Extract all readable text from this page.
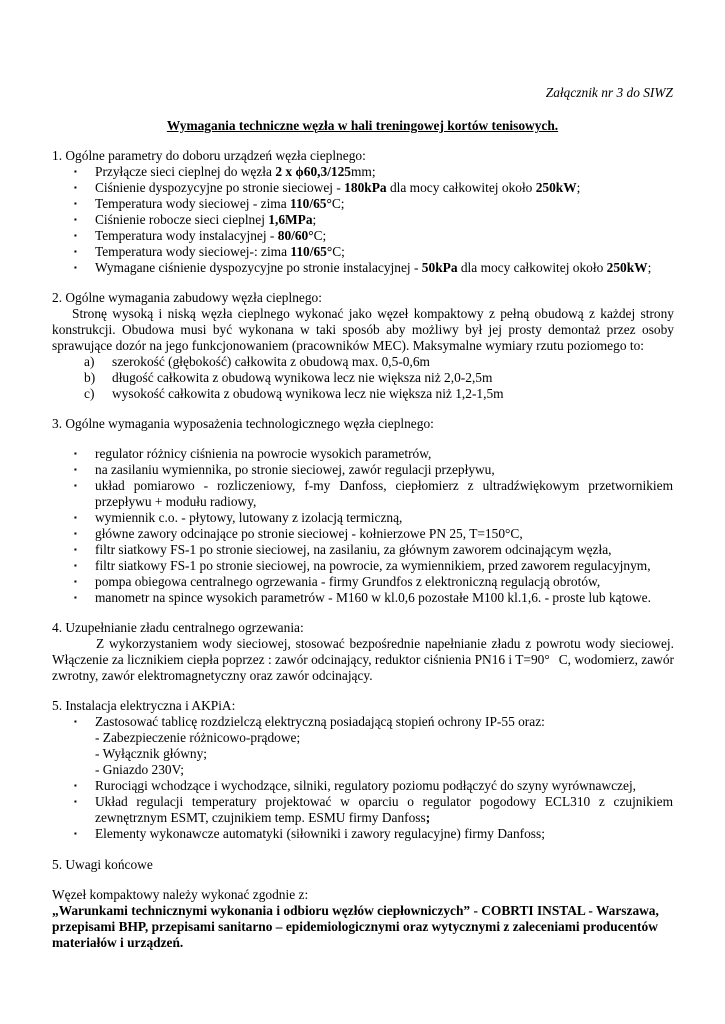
Załącznik nr 3 do SIWZ
Wymagania techniczne węzła w hali treningowej kortów tenisowych.
1. Ogólne parametry do doboru urządzeń węzła cieplnego:
▪ Przyłącze sieci cieplnej do węzła 2 x ϕ60,3/125mm;
▪ Ciśnienie dyspozycyjne po stronie sieciowej - 180kPa dla mocy całkowitej około 250kW;
▪ Temperatura wody sieciowej - zima 110/65°C;
▪ Ciśnienie robocze sieci cieplnej 1,6MPa;
▪ Temperatura wody instalacyjnej - 80/60°C;
▪ Temperatura wody sieciowej-: zima 110/65°C;
▪ Wymagane ciśnienie dyspozycyjne po stronie instalacyjnej - 50kPa dla mocy całkowitej około 250kW;
2. Ogólne wymagania zabudowy węzła cieplnego:
Stronę wysoką i niską węzła cieplnego wykonać jako węzeł kompaktowy z pełną obudową z każdej strony
konstrukcji. Obudowa musi być wykonana w taki sposób aby możliwy był jej prosty demontaż przez osoby
sprawujące dozór na jego funkcjonowaniem (pracowników MEC). Maksymalne wymiary rzutu poziomego to:
a) szerokość (głębokość) całkowita z obudową max. 0,5-0,6m
b) długość całkowita z obudową wynikowa lecz nie większa niż 2,0-2,5m
c) wysokość całkowita z obudową wynikowa lecz nie większa niż 1,2-1,5m
3. Ogólne wymagania wyposażenia technologicznego węzła cieplnego:
▪ regulator różnicy ciśnienia na powrocie wysokich parametrów,
▪ na zasilaniu wymiennika, po stronie sieciowej, zawór regulacji przepływu,
▪ układ pomiarowo - rozliczeniowy, f-my Danfoss, ciepłomierz z ultradźwiękowym przetwornikiem
przepływu + modułu radiowy,
▪ wymiennik c.o. - płytowy, lutowany z izolacją termiczną,
▪ główne zawory odcinające po stronie sieciowej - kołnierzowe PN 25, T=150°C,
▪ filtr siatkowy FS-1 po stronie sieciowej, na zasilaniu, za głównym zaworem odcinającym węzła,
▪ filtr siatkowy FS-1 po stronie sieciowej, na powrocie, za wymiennikiem, przed zaworem regulacyjnym,
▪ pompa obiegowa centralnego ogrzewania - firmy Grundfos z elektroniczną regulacją obrotów,
▪ manometr na spince wysokich parametrów - M160 w kl.0,6 pozostałe M100 kl.1,6. - proste lub kątowe.
4. Uzupełnianie zładu centralnego ogrzewania:
Z wykorzystaniem wody sieciowej, stosować bezpośrednie napełnianie zładu z powrotu wody sieciowej.
Włączenie za licznikiem ciepła poprzez : zawór odcinający, reduktor ciśnienia PN16 i T=90° C, wodomierz, zawór
zwrotny, zawór elektromagnetyczny oraz zawór odcinający.
5. Instalacja elektryczna i AKPiA:
▪ Zastosować tablicę rozdzielczą elektryczną posiadającą stopień ochrony IP-55 oraz:
- Zabezpieczenie różnicowo-prądowe;
- Wyłącznik główny;
- Gniazdo 230V;
▪ Rurociągi wchodzące i wychodzące, silniki, regulatory poziomu podłączyć do szyny wyrównawczej,
▪ Układ regulacji temperatury projektować w oparciu o regulator pogodowy ECL310 z czujnikiem
zewnętrznym ESMT, czujnikiem temp. ESMU firmy Danfoss;
▪ Elementy wykonawcze automatyki (siłowniki i zawory regulacyjne) firmy Danfoss;
5. Uwagi końcowe
Węzeł kompaktowy należy wykonać zgodnie z:
„Warunkami technicznymi wykonania i odbioru węzłów ciepłowniczych” - COBRTI INSTAL - Warszawa,
przepisami BHP, przepisami sanitarno – epidemiologicznymi oraz wytycznymi z zaleceniami producentów
materiałów i urządzeń.
